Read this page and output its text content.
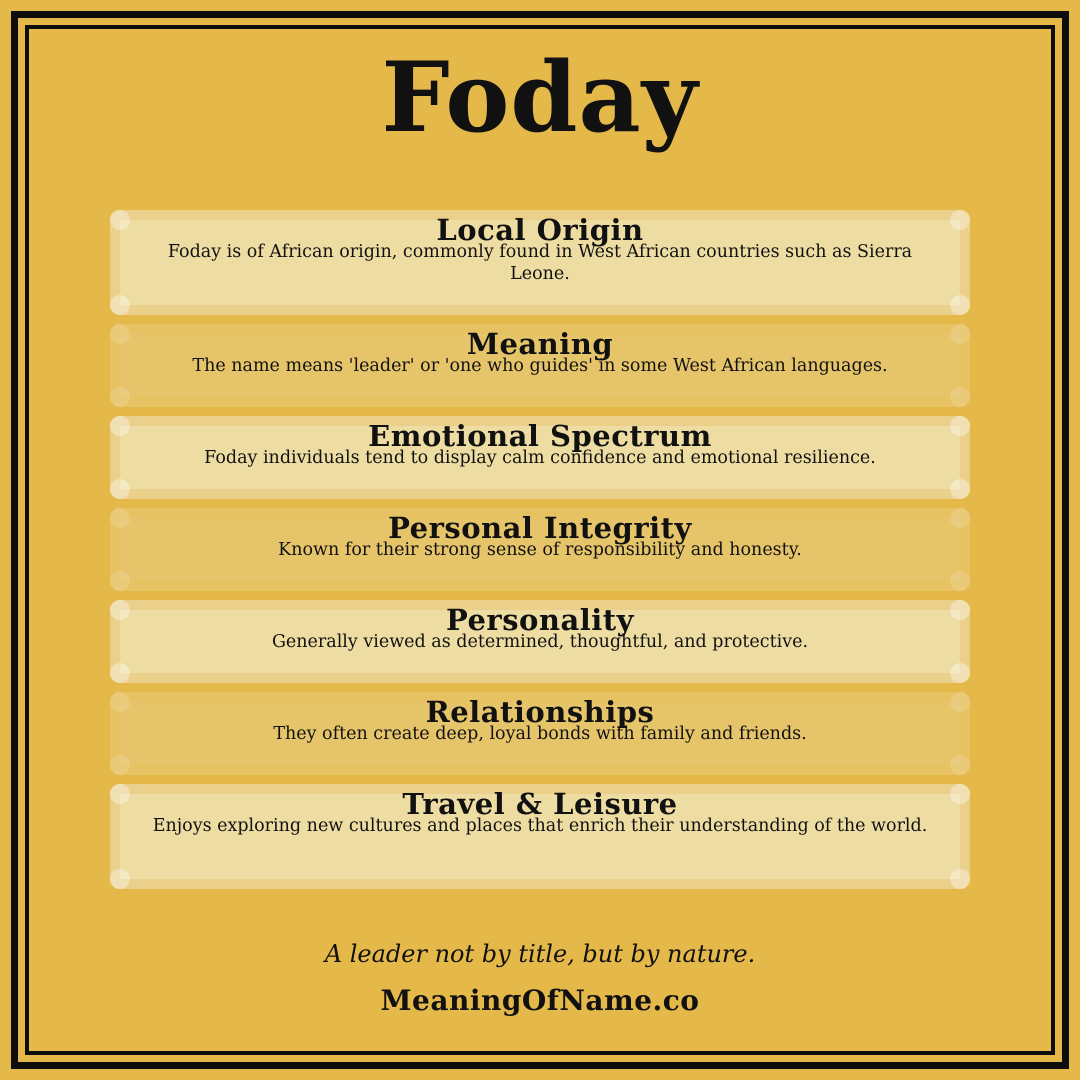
Foday
Local Origin
Foday is of African origin, commonly found in West African countries such as Sierra Leone.
Meaning
The name means 'leader' or 'one who guides' in some West African languages.
Emotional Spectrum
Foday individuals tend to display calm confidence and emotional resilience.
Personal Integrity
Known for their strong sense of responsibility and honesty.
Personality
Generally viewed as determined, thoughtful, and protective.
Relationships
They often create deep, loyal bonds with family and friends.
Travel & Leisure
Enjoys exploring new cultures and places that enrich their understanding of the world.
A leader not by title, but by nature.
MeaningOfName.co
